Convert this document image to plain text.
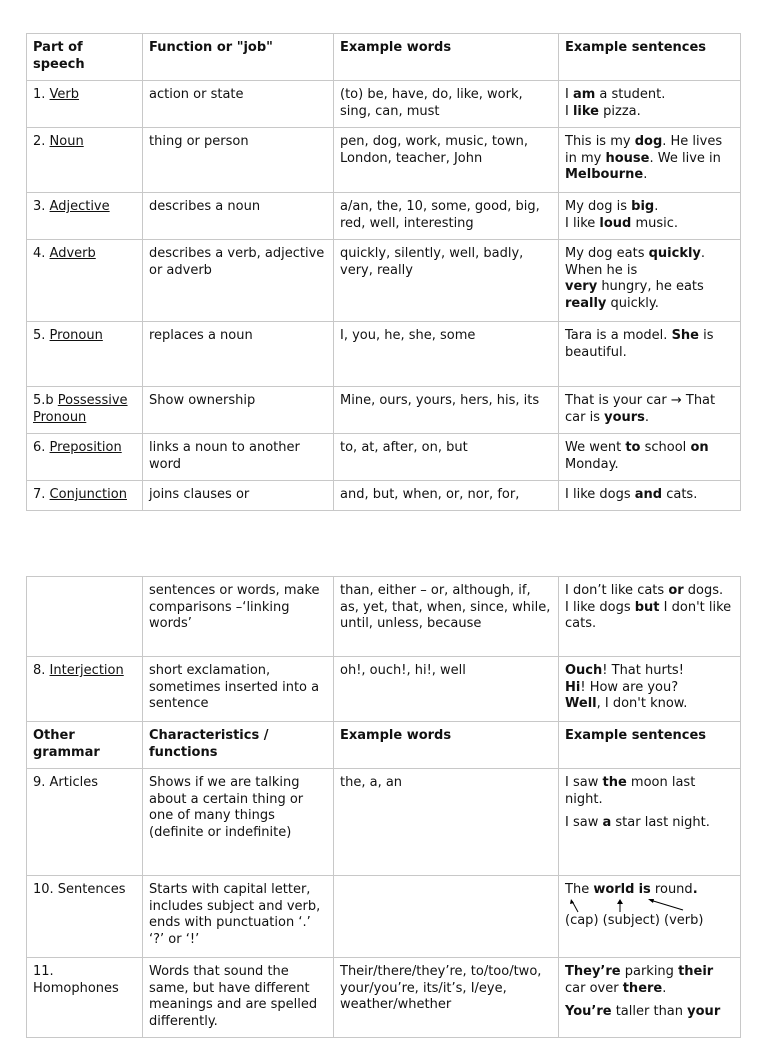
Part of speech	Function or "job"	Example words	Example sentences
1. Verb	action or state	(to) be, have, do, like, work, sing, can, must	I am a student.

I like pizza.

2. Noun	thing or person	pen, dog, work, music, town, London, teacher, John	This is my dog. He lives in my house. We live in Melbourne.

3. Adjective	describes a noun	a/an, the, 10, some, good, big, red, well, interesting	My dog is big.

I like loud music.

4. Adverb	describes a verb, adjective or adverb	quickly, silently, well, badly, very, really	My dog eats quickly. When he is

very hungry, he eats really quickly.

5. Pronoun	replaces a noun	I, you, he, she, some	Tara is a model. She is beautiful.

5.b Possessive Pronoun	Show ownership	Mine, ours, yours, hers, his, its	That is your car → That car is yours.

6. Preposition	links a noun to another word	to, at, after, on, but	We went to school on Monday.

7. Conjunction	joins clauses or	and, but, when, or, nor, for,	I like dogs and cats.

	sentences or words, make comparisons –‘linking words’	than, either – or, although, if, as, yet, that, when, since, while, until, unless, because	I don’t like cats or dogs.

I like dogs but I don't like cats.

8. Interjection	short exclamation, sometimes inserted into a sentence	oh!, ouch!, hi!, well	Ouch! That hurts!

Hi! How are you?

Well, I don't know.

Other grammar	Characteristics / functions	Example words	Example sentences
9. Articles	Shows if we are talking about a certain thing or one of many things (definite or indefinite)	the, a, an	I saw the moon last night.

I saw a star last night.

10. Sentences	Starts with capital letter, includes subject and verb, ends with punctuation ‘.’ ‘?’ or ‘!’		The world is round.

(cap) (subject) (verb)

11. Homophones	Words that sound the same, but have different meanings and are spelled differently.	Their/there/they’re, to/too/two, your/you’re, its/it’s, I/eye, weather/whether	They’re parking their car over there.

You’re taller than your
